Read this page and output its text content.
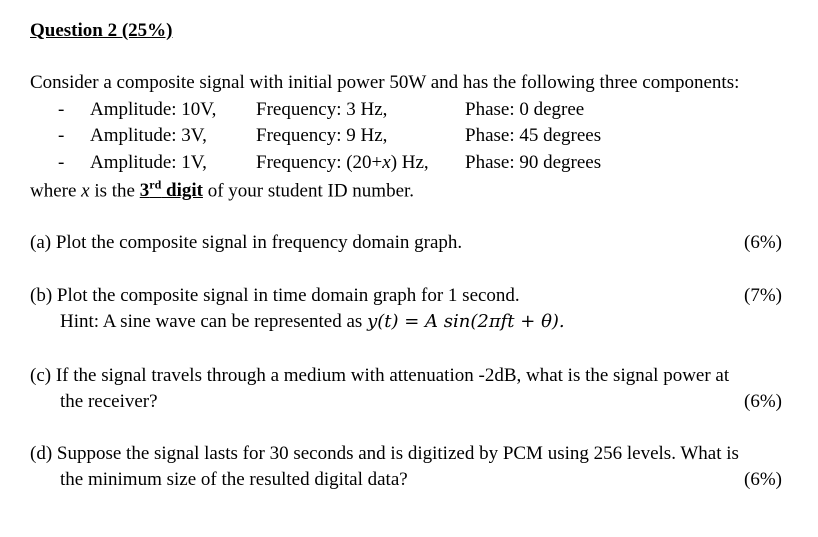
Question 2 (25%)
Consider a composite signal with initial power 50W and has the following three components:
- Amplitude: 10V, Frequency: 3 Hz,	Phase: 0 degree
- Amplitude: 3V,	Frequency: 9 Hz,	Phase: 45 degrees
- Amplitude: 1V,	Frequency: (20+x) Hz, Phase: 90 degrees
where x is the 3rd digit of your student ID number.
(a) Plot the composite signal in frequency domain graph.	(6%)
(b) Plot the composite signal in time domain graph for 1 second.	(7%)
Hint: A sine wave can be represented as y(t) = A sin(2πft + θ).
(c) If the signal travels through a medium with attenuation -2dB, what is the signal power at
the receiver?	(6%)
(d) Suppose the signal lasts for 30 seconds and is digitized by PCM using 256 levels. What is
the minimum size of the resulted digital data?	(6%)
